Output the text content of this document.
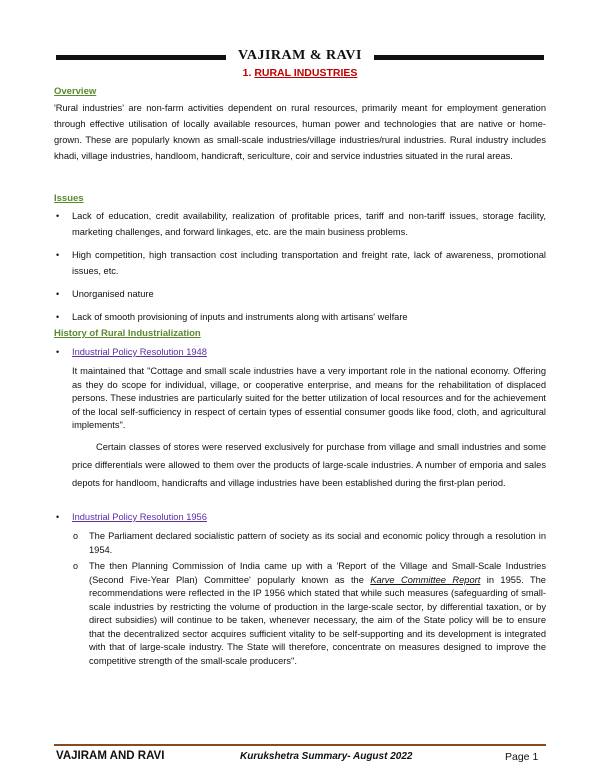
VAJIRAM & RAVI
1. RURAL INDUSTRIES
Overview
'Rural industries' are non-farm activities dependent on rural resources, primarily meant for employment generation through effective utilisation of locally available resources, human power and technologies that are native or home-grown. These are popularly known as small-scale industries/village industries/rural industries. Rural industry includes khadi, village industries, handloom, handicraft, sericulture, coir and service industries situated in the rural areas.
Issues
• Lack of education, credit availability, realization of profitable prices, tariff and non-tariff issues, storage facility, marketing challenges, and forward linkages, etc. are the main business problems.
• High competition, high transaction cost including transportation and freight rate, lack of awareness, promotional issues, etc.
• Unorganised nature
• Lack of smooth provisioning of inputs and instruments along with artisans' welfare
History of Rural Industrialization
• Industrial Policy Resolution 1948
It maintained that "Cottage and small scale industries have a very important role in the national economy. Offering as they do scope for individual, village, or cooperative enterprise, and means for the rehabilitation of displaced persons. These industries are particularly suited for the better utilization of local resources and for the achievement of the local self-sufficiency in respect of certain types of essential consumer goods like food, cloth, and agricultural implements".
Certain classes of stores were reserved exclusively for purchase from village and small industries and some price differentials were allowed to them over the products of large-scale industries. A number of emporia and sales depots for handloom, handicrafts and village industries have been established during the first-plan period.
• Industrial Policy Resolution 1956
o The Parliament declared socialistic pattern of society as its social and economic policy through a resolution in 1954.
o The then Planning Commission of India came up with a 'Report of the Village and Small-Scale Industries (Second Five-Year Plan) Committee' popularly known as the Karve Committee Report in 1955. The recommendations were reflected in the IP 1956 which stated that while such measures (safeguarding of small-scale industries by restricting the volume of production in the large-scale sector, by differential taxation, or by direct subsidies) will continue to be taken, whenever necessary, the aim of the State policy will be to ensure that the decentralized sector acquires sufficient vitality to be self-supporting and its development is integrated with that of large-scale industry. The State will therefore, concentrate on measures designed to improve the competitive strength of the small-scale producers".
VAJIRAM AND RAVI	Kurukshetra Summary- August 2022	Page 1
